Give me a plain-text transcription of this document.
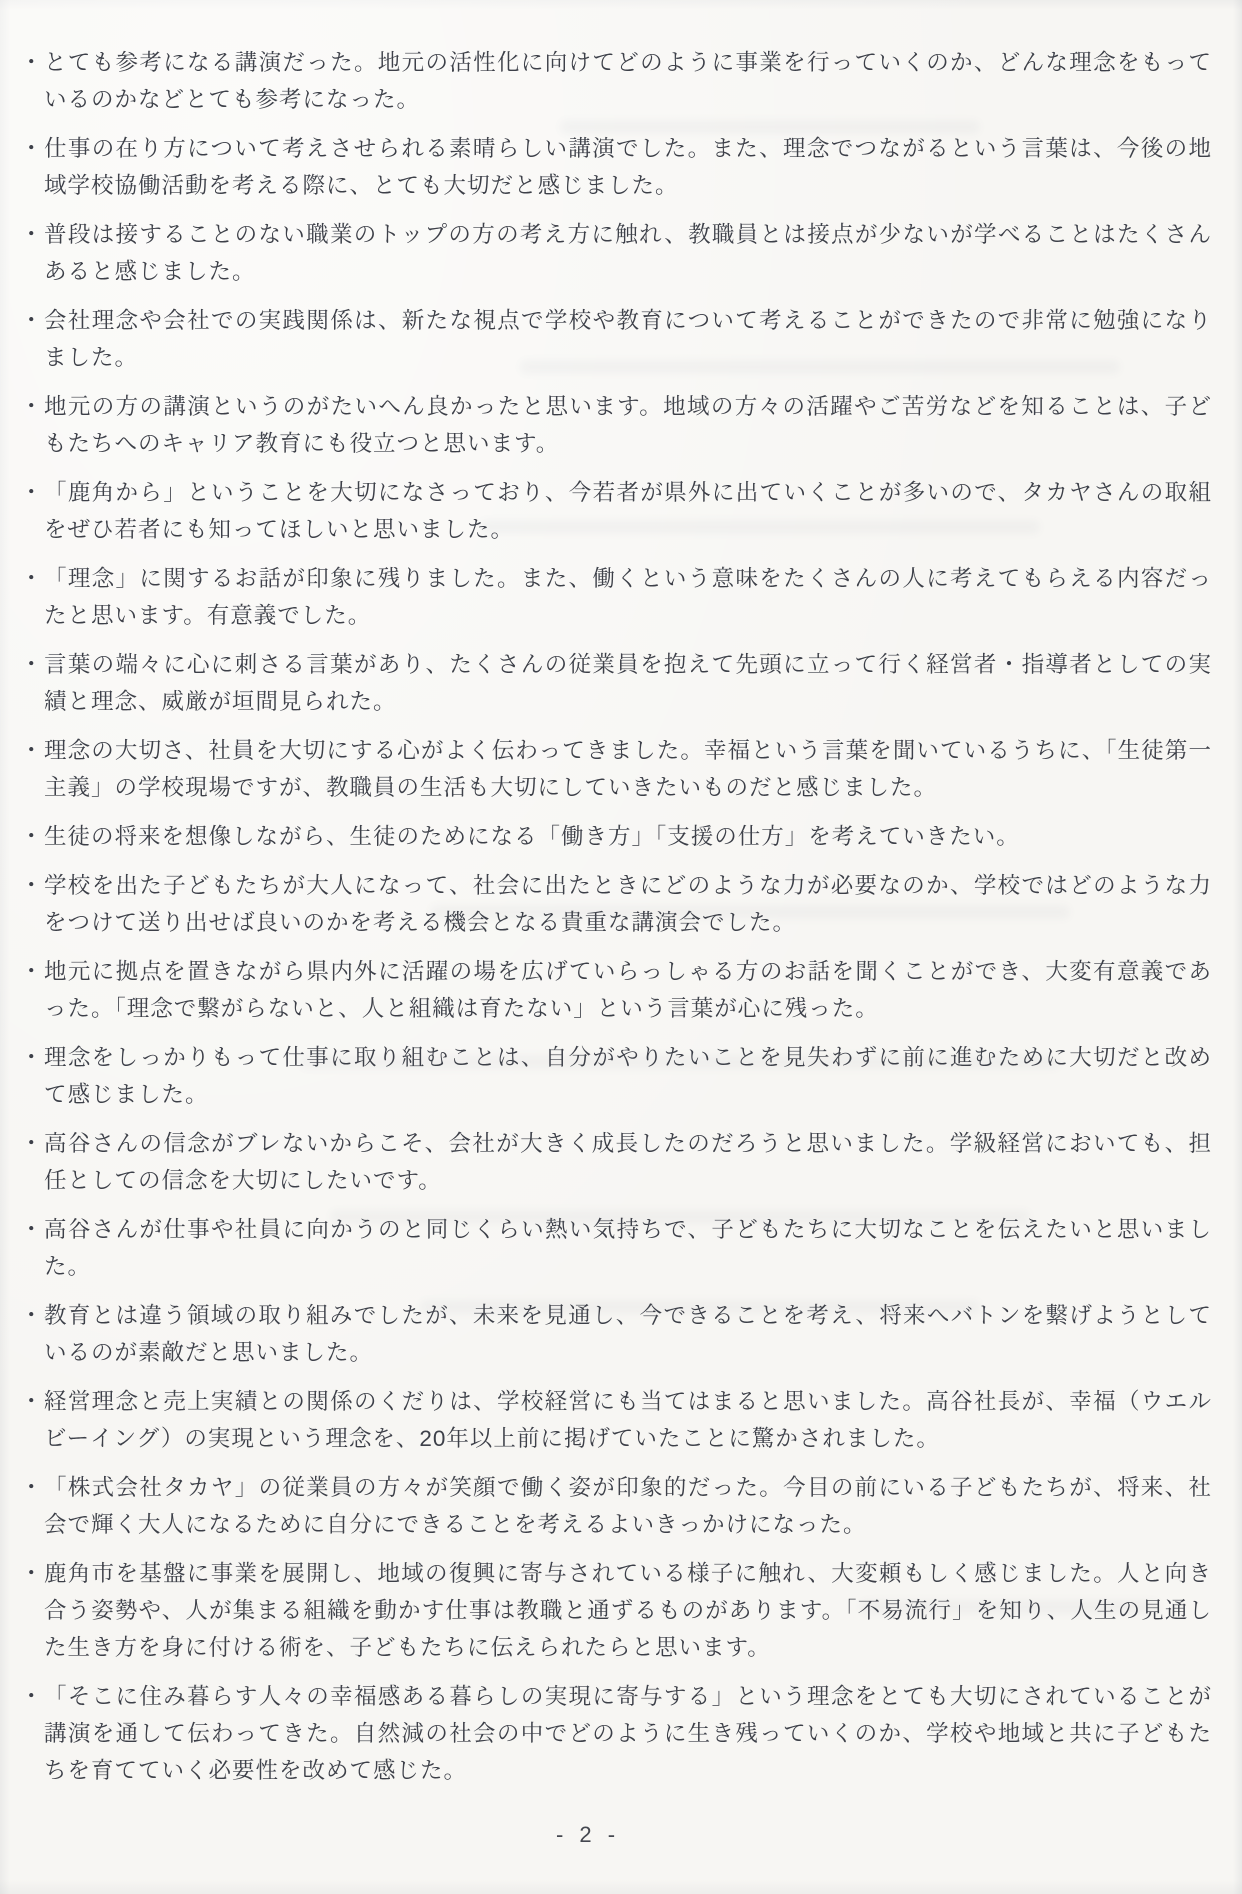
・ とても参考になる講演だった。地元の活性化に向けてどのように事業を行っていくのか、どんな理念をもっているのかなどとても参考になった。
・ 仕事の在り方について考えさせられる素晴らしい講演でした。また、理念でつながるという言葉は、今後の地域学校協働活動を考える際に、とても大切だと感じました。
・ 普段は接することのない職業のトップの方の考え方に触れ、教職員とは接点が少ないが学べることはたくさんあると感じました。
・ 会社理念や会社での実践関係は、新たな視点で学校や教育について考えることができたので非常に勉強になりました。
・ 地元の方の講演というのがたいへん良かったと思います。地域の方々の活躍やご苦労などを知ることは、子どもたちへのキャリア教育にも役立つと思います。
・ 「鹿角から」ということを大切になさっており、今若者が県外に出ていくことが多いので、タカヤさんの取組をぜひ若者にも知ってほしいと思いました。
・ 「理念」に関するお話が印象に残りました。また、働くという意味をたくさんの人に考えてもらえる内容だったと思います。有意義でした。
・ 言葉の端々に心に刺さる言葉があり、たくさんの従業員を抱えて先頭に立って行く経営者・指導者としての実績と理念、威厳が垣間見られた。
・ 理念の大切さ、社員を大切にする心がよく伝わってきました。幸福という言葉を聞いているうちに、「生徒第一主義」の学校現場ですが、教職員の生活も大切にしていきたいものだと感じました。
・ 生徒の将来を想像しながら、生徒のためになる「働き方」「支援の仕方」を考えていきたい。
・ 学校を出た子どもたちが大人になって、社会に出たときにどのような力が必要なのか、学校ではどのような力をつけて送り出せば良いのかを考える機会となる貴重な講演会でした。
・ 地元に拠点を置きながら県内外に活躍の場を広げていらっしゃる方のお話を聞くことができ、大変有意義であった。「理念で繋がらないと、人と組織は育たない」という言葉が心に残った。
・ 理念をしっかりもって仕事に取り組むことは、自分がやりたいことを見失わずに前に進むために大切だと改めて感じました。
・ 高谷さんの信念がブレないからこそ、会社が大きく成長したのだろうと思いました。学級経営においても、担任としての信念を大切にしたいです。
・ 高谷さんが仕事や社員に向かうのと同じくらい熱い気持ちで、子どもたちに大切なことを伝えたいと思いました。
・ 教育とは違う領域の取り組みでしたが、未来を見通し、今できることを考え、将来へバトンを繋げようとしているのが素敵だと思いました。
・ 経営理念と売上実績との関係のくだりは、学校経営にも当てはまると思いました。高谷社長が、幸福（ウエルビーイング）の実現という理念を、20年以上前に掲げていたことに驚かされました。
・ 「株式会社タカヤ」の従業員の方々が笑顔で働く姿が印象的だった。今目の前にいる子どもたちが、将来、社会で輝く大人になるために自分にできることを考えるよいきっかけになった。
・ 鹿角市を基盤に事業を展開し、地域の復興に寄与されている様子に触れ、大変頼もしく感じました。人と向き合う姿勢や、人が集まる組織を動かす仕事は教職と通ずるものがあります。「不易流行」を知り、人生の見通した生き方を身に付ける術を、子どもたちに伝えられたらと思います。
・ 「そこに住み暮らす人々の幸福感ある暮らしの実現に寄与する」という理念をとても大切にされていることが講演を通して伝わってきた。自然減の社会の中でどのように生き残っていくのか、学校や地域と共に子どもたちを育てていく必要性を改めて感じた。
- 2 -
